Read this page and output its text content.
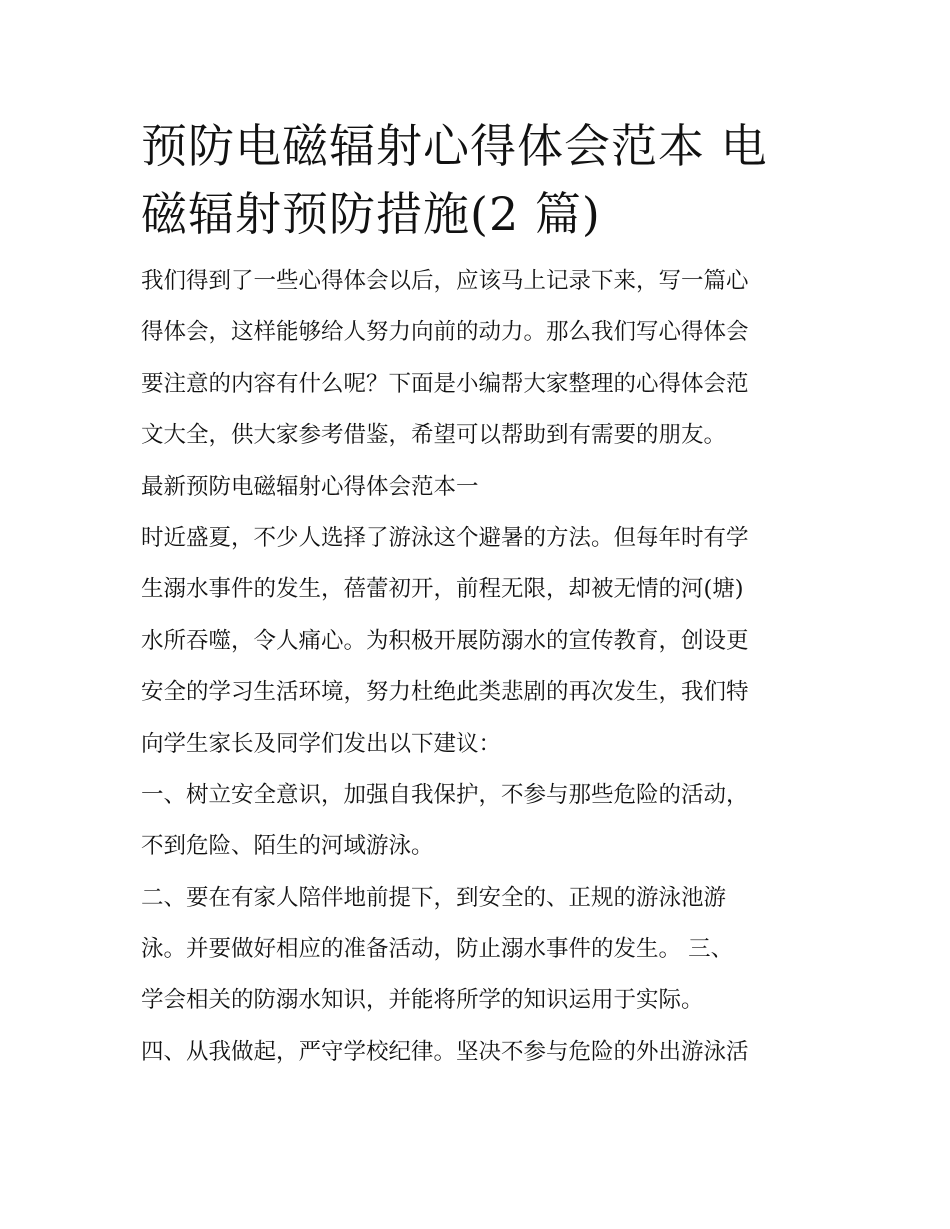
预防电磁辐射心得体会范本 电
磁辐射预防措施(2 篇)
我们得到了一些心得体会以后，应该马上记录下来，写一篇心
得体会，这样能够给人努力向前的动力。那么我们写心得体会
要注意的内容有什么呢？下面是小编帮大家整理的心得体会范
文大全，供大家参考借鉴，希望可以帮助到有需要的朋友。
最新预防电磁辐射心得体会范本一
时近盛夏，不少人选择了游泳这个避暑的方法。但每年时有学
生溺水事件的发生，蓓蕾初开，前程无限，却被无情的河(塘)
水所吞噬，令人痛心。为积极开展防溺水的宣传教育，创设更
安全的学习生活环境，努力杜绝此类悲剧的再次发生，我们特
向学生家长及同学们发出以下建议：
一、树立安全意识，加强自我保护，不参与那些危险的活动，
不到危险、陌生的河域游泳。
二、要在有家人陪伴地前提下，到安全的、正规的游泳池游
泳。并要做好相应的准备活动，防止溺水事件的发生。 三、
学会相关的防溺水知识，并能将所学的知识运用于实际。
四、从我做起，严守学校纪律。坚决不参与危险的外出游泳活
